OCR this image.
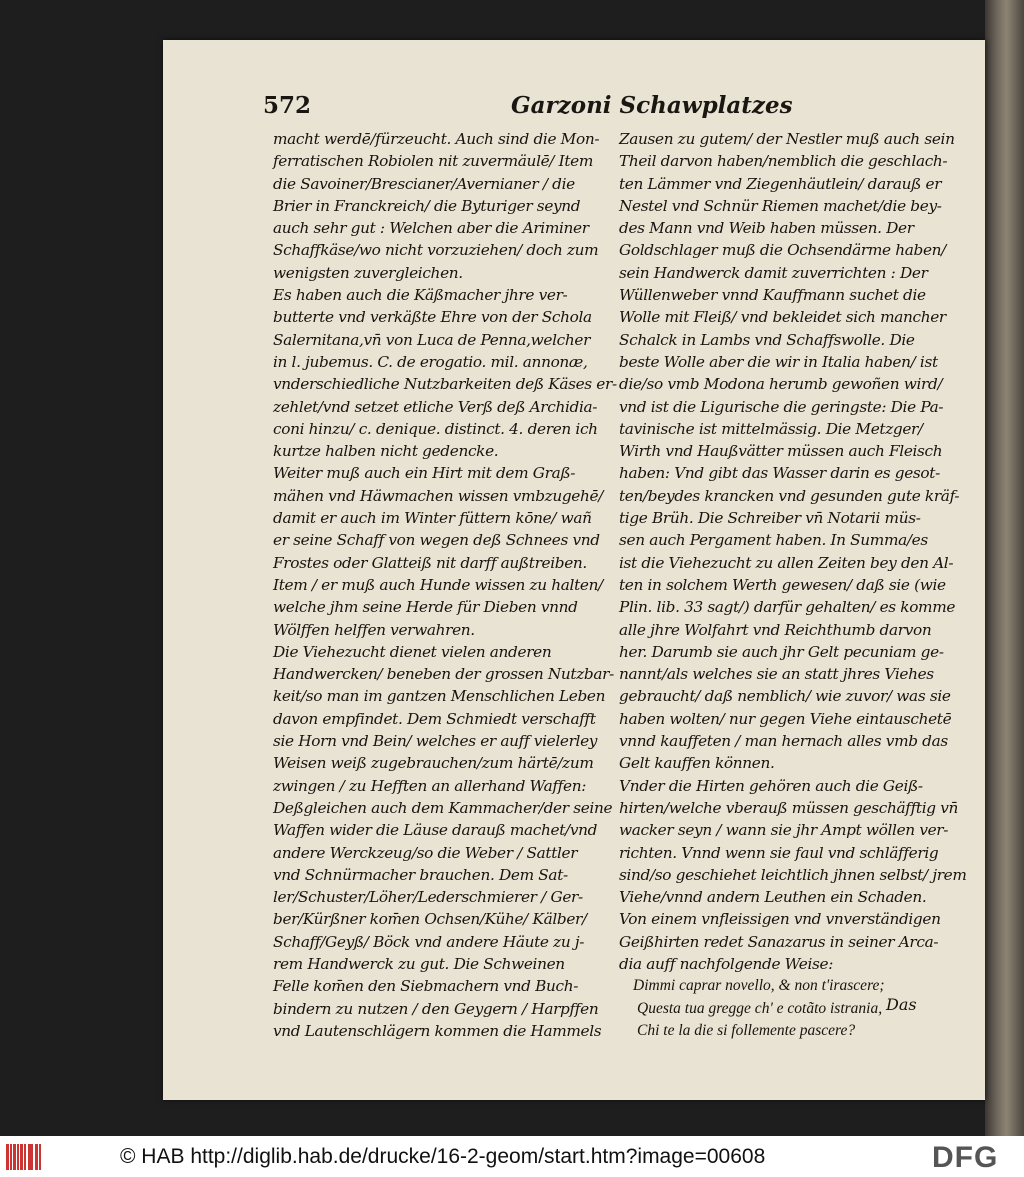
572	Garzoni Schawplatzes
macht werdē/fürzeucht. Auch sind die Mon-
ferratischen Robiolen nit zuvermäulē/ Item
die Savoiner/Brescianer/Avernianer / die
Brier in Franckreich/ die Byturiger seynd
auch sehr gut : Welchen aber die Ariminer
Schaffkäse/wo nicht vorzuziehen/ doch zum
wenigsten zuvergleichen.
Es haben auch die Käßmacher jhre ver-
butterte vnd verkäßte Ehre von der Schola
Salernitana,vn̄ von Luca de Penna,welcher
in l. jubemus. C. de erogatio. mil. annonæ,
vnderschiedliche Nutzbarkeiten deß Käses er-
zehlet/vnd setzet etliche Verß deß Archidia-
coni hinzu/ c. denique. distinct. 4. deren ich
kurtze halben nicht gedencke.
Weiter muß auch ein Hirt mit dem Graß-
mähen vnd Häwmachen wissen vmbzugehē/
damit er auch im Winter füttern kōne/ wañ
er seine Schaff von wegen deß Schnees vnd
Frostes oder Glatteiß nit darff außtreiben.
Item / er muß auch Hunde wissen zu halten/
welche jhm seine Herde für Dieben vnnd
Wölffen helffen verwahren.
Die Viehezucht dienet vielen anderen
Handwercken/ beneben der grossen Nutzbar-
keit/so man im gantzen Menschlichen Leben
davon empfindet. Dem Schmiedt verschafft
sie Horn vnd Bein/ welches er auff vielerley
Weisen weiß zugebrauchen/zum härtē/zum
zwingen / zu Hefften an allerhand Waffen:
Deßgleichen auch dem Kammacher/der seine
Waffen wider die Läuse darauß machet/vnd
andere Werckzeug/so die Weber / Sattler
vnd Schnürmacher brauchen. Dem Sat-
ler/Schuster/Löher/Lederschmierer / Ger-
ber/Kürßner kom̄en Ochsen/Kühe/ Kälber/
Schaff/Geyß/ Böck vnd andere Häute zu j-
rem Handwerck zu gut. Die Schweinen
Felle kom̄en den Siebmachern vnd Buch-
bindern zu nutzen / den Geygern / Harpffen
vnd Lautenschlägern kommen die Hammels
Zausen zu gutem/ der Nestler muß auch sein
Theil darvon haben/nemblich die geschlach-
ten Lämmer vnd Ziegenhäutlein/ darauß er
Nestel vnd Schnür Riemen machet/die bey-
des Mann vnd Weib haben müssen. Der
Goldschlager muß die Ochsendärme haben/
sein Handwerck damit zuverrichten : Der
Wüllenweber vnnd Kauffmann suchet die
Wolle mit Fleiß/ vnd bekleidet sich mancher
Schalck in Lambs vnd Schaffswolle. Die
beste Wolle aber die wir in Italia haben/ ist
die/so vmb Modona herumb gewoñen wird/
vnd ist die Ligurische die geringste: Die Pa-
tavinische ist mittelmässig. Die Metzger/
Wirth vnd Haußvätter müssen auch Fleisch
haben: Vnd gibt das Wasser darin es gesot-
ten/beydes krancken vnd gesunden gute kräf-
tige Brüh. Die Schreiber vn̄ Notarii müs-
sen auch Pergament haben. In Summa/es
ist die Viehezucht zu allen Zeiten bey den Al-
ten in solchem Werth gewesen/ daß sie (wie
Plin. lib. 33 sagt/) darfür gehalten/ es komme
alle jhre Wolfahrt vnd Reichthumb darvon
her. Darumb sie auch jhr Gelt pecuniam ge-
nannt/als welches sie an statt jhres Viehes
gebraucht/ daß nemblich/ wie zuvor/ was sie
haben wolten/ nur gegen Viehe eintauschetē
vnnd kauffeten / man hernach alles vmb das
Gelt kauffen können.
Vnder die Hirten gehören auch die Geiß-
hirten/welche vberauß müssen geschäfftig vn̄
wacker seyn / wann sie jhr Ampt wöllen ver-
richten. Vnnd wenn sie faul vnd schläfferig
sind/so geschiehet leichtlich jhnen selbst/ jrem
Viehe/vnnd andern Leuthen ein Schaden.
Von einem vnfleissigen vnd vnverständigen
Geißhirten redet Sanazarus in seiner Arca-
dia auff nachfolgende Weise:
Dimmi caprar novello, & non t'irascere;
Questa tua gregge ch' e cotãto istrania,
Chi te la die si follemente pascere?
Das
© HAB http://diglib.hab.de/drucke/16-2-geom/start.htm?image=00608	DFG
